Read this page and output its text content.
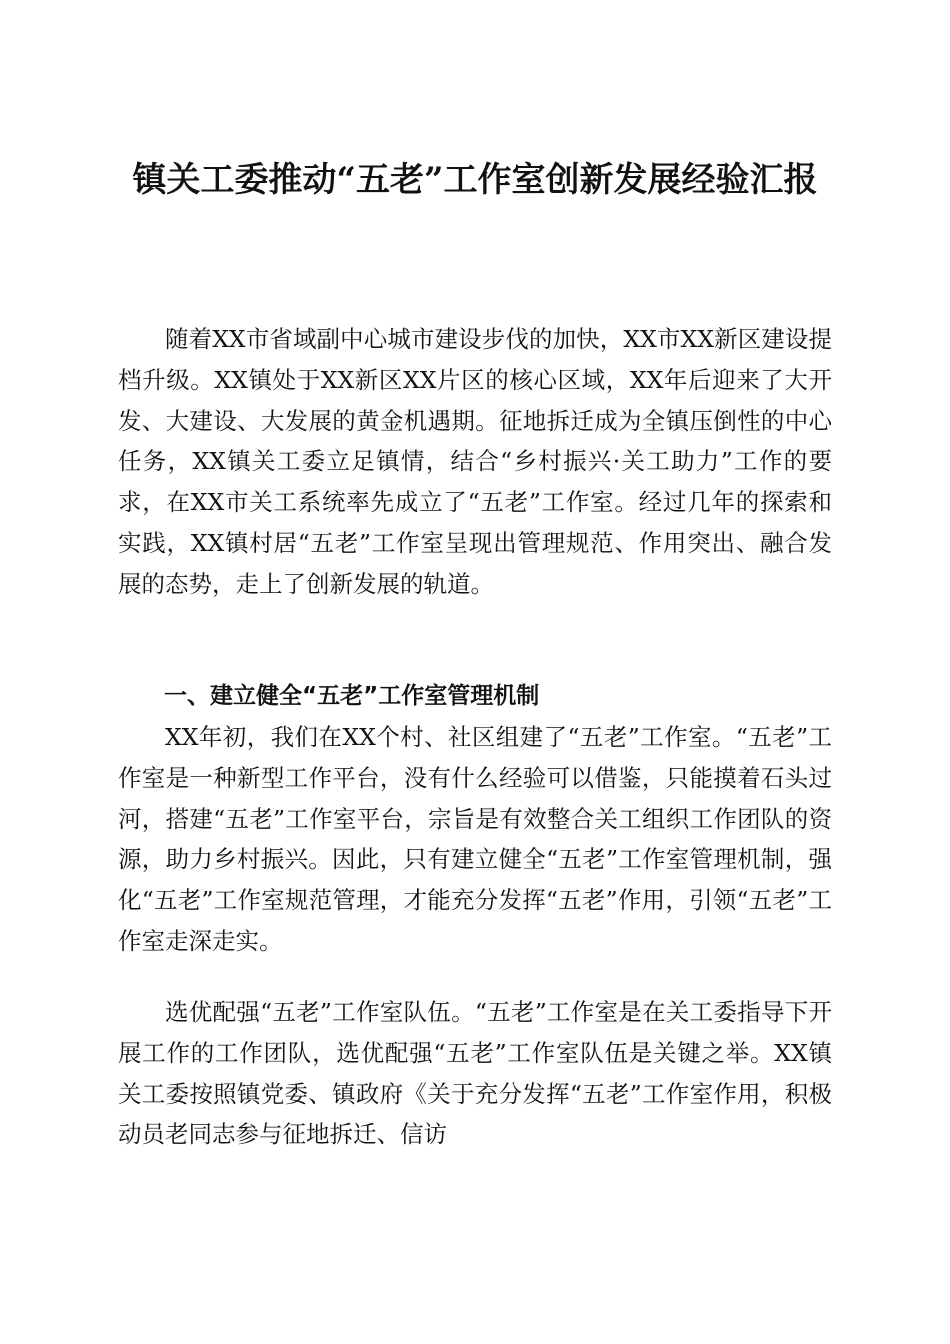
镇关工委推动“五老”工作室创新发展经验汇报

随着XX市省域副中心城市建设步伐的加快，XX市XX新区建设提档升级。XX镇处于XX新区XX片区的核心区域，XX年后迎来了大开发、大建设、大发展的黄金机遇期。征地拆迁成为全镇压倒性的中心任务，XX镇关工委立足镇情，结合“乡村振兴·关工助力”工作的要求，在XX市关工系统率先成立了“五老”工作室。经过几年的探索和实践，XX镇村居“五老”工作室呈现出管理规范、作用突出、融合发展的态势，走上了创新发展的轨道。

一、建立健全“五老”工作室管理机制

XX年初，我们在XX个村、社区组建了“五老”工作室。“五老”工作室是一种新型工作平台，没有什么经验可以借鉴，只能摸着石头过河，搭建“五老”工作室平台，宗旨是有效整合关工组织工作团队的资源，助力乡村振兴。因此，只有建立健全“五老”工作室管理机制，强化“五老”工作室规范管理，才能充分发挥“五老”作用，引领“五老”工作室走深走实。

选优配强“五老”工作室队伍。“五老”工作室是在关工委指导下开展工作的工作团队，选优配强“五老”工作室队伍是关键之举。XX镇关工委按照镇党委、镇政府《关于充分发挥“五老”工作室作用，积极动员老同志参与征地拆迁、信访
